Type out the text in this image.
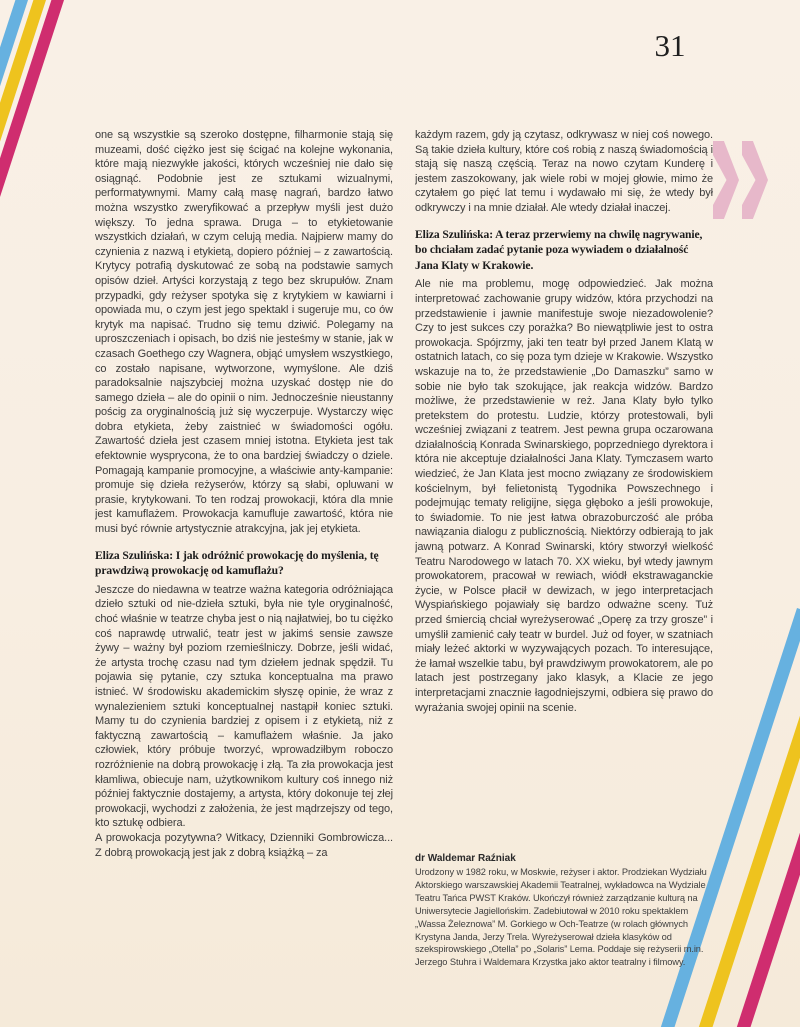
31

one są wszystkie są szeroko dostępne, filharmonie stają się muzeami, dość ciężko jest się ścigać na kolejne wykonania, które mają niezwykłe jakości, których wcześniej nie dało się osiągnąć. Podobnie jest ze sztukami wizualnymi, performatywnymi. Mamy całą masę nagrań, bardzo łatwo można wszystko zweryfikować a przepływ myśli jest dużo większy. To jedna sprawa. Druga – to etykietowanie wszystkich działań, w czym celują media. Najpierw mamy do czynienia z nazwą i etykietą, dopiero później – z zawartością. Krytycy potrafią dyskutować ze sobą na podstawie samych opisów dzieł. Artyści korzystają z tego bez skrupułów. Znam przypadki, gdy reżyser spotyka się z krytykiem w kawiarni i opowiada mu, o czym jest jego spektakl i sugeruje mu, co ów krytyk ma napisać. Trudno się temu dziwić. Polegamy na uproszczeniach i opisach, bo dziś nie jesteśmy w stanie, jak w czasach Goethego czy Wagnera, objąć umysłem wszystkiego, co zostało napisane, wytworzone, wymyślone. Ale dziś paradoksalnie najszybciej można uzyskać dostęp nie do samego dzieła – ale do opinii o nim. Jednocześnie nieustanny pościg za oryginalnością już się wyczerpuje. Wystarczy więc dobra etykieta, żeby zaistnieć w świadomości ogółu. Zawartość dzieła jest czasem mniej istotna. Etykieta jest tak efektownie wysprycona, że to ona bardziej świadczy o dziele. Pomagają kampanie promocyjne, a właściwie anty-kampanie: promuje się dzieła reżyserów, którzy są słabi, opluwani w prasie, krytykowani. To ten rodzaj prowokacji, która dla mnie jest kamuflażem. Prowokacja kamufluje zawartość, która nie musi być równie artystycznie atrakcyjna, jak jej etykieta.

Eliza Szulińska: I jak odróżnić prowokację do myślenia, tę prawdziwą prowokację od kamuflażu?

Jeszcze do niedawna w teatrze ważna kategoria odróżniająca dzieło sztuki od nie-dzieła sztuki, była nie tyle oryginalność, choć właśnie w teatrze chyba jest o nią najłatwiej, bo tu ciężko coś naprawdę utrwalić, teatr jest w jakimś sensie zawsze żywy – ważny był poziom rzemieślniczy. Dobrze, jeśli widać, że artysta trochę czasu nad tym dziełem jednak spędził. Tu pojawia się pytanie, czy sztuka konceptualna ma prawo istnieć. W środowisku akademickim słyszę opinie, że wraz z wynalezieniem sztuki konceptualnej nastąpił koniec sztuki. Mamy tu do czynienia bardziej z opisem i z etykietą, niż z faktyczną zawartością – kamuflażem właśnie. Ja jako człowiek, który próbuje tworzyć, wprowadziłbym roboczo rozróżnienie na dobrą prowokację i złą. Ta zła prowokacja jest kłamliwa, obiecuje nam, użytkownikom kultury coś innego niż później faktycznie dostajemy, a artysta, który dokonuje tej złej prowokacji, wychodzi z założenia, że jest mądrzejszy od tego, kto sztukę odbiera.

A prowokacja pozytywna? Witkacy, Dzienniki Gombrowicza... Z dobrą prowokacją jest jak z dobrą książką – za

każdym razem, gdy ją czytasz, odkrywasz w niej coś nowego. Są takie dzieła kultury, które coś robią z naszą świadomością i stają się naszą częścią. Teraz na nowo czytam Kunderę i jestem zaszokowany, jak wiele robi w mojej głowie, mimo że czytałem go pięć lat temu i wydawało mi się, że wtedy był odkrywczy i na mnie działał. Ale wtedy działał inaczej.

Eliza Szulińska: A teraz przerwiemy na chwilę nagrywanie, bo chciałam zadać pytanie poza wywiadem o działalność Jana Klaty w Krakowie.

Ale nie ma problemu, mogę odpowiedzieć. Jak można interpretować zachowanie grupy widzów, która przychodzi na przedstawienie i jawnie manifestuje swoje niezadowolenie? Czy to jest sukces czy porażka? Bo niewątpliwie jest to ostra prowokacja. Spójrzmy, jaki ten teatr był przed Janem Klatą w ostatnich latach, co się poza tym dzieje w Krakowie. Wszystko wskazuje na to, że przedstawienie „Do Damaszku” samo w sobie nie było tak szokujące, jak reakcja widzów. Bardzo możliwe, że przedstawienie w reż. Jana Klaty było tylko pretekstem do protestu. Ludzie, którzy protestowali, byli wcześniej związani z teatrem. Jest pewna grupa oczarowana działalnością Konrada Swinarskiego, poprzedniego dyrektora i która nie akceptuje działalności Jana Klaty. Tymczasem warto wiedzieć, że Jan Klata jest mocno związany ze środowiskiem kościelnym, był felietonistą Tygodnika Powszechnego i podejmując tematy religijne, sięga głęboko a jeśli prowokuje, to świadomie. To nie jest łatwa obrazoburczość ale próba nawiązania dialogu z publicznością. Niektórzy odbierają to jak jawną potwarz. A Konrad Swinarski, który stworzył wielkość Teatru Narodowego w latach 70. XX wieku, był wtedy jawnym prowokatorem, pracował w rewiach, wiódł ekstrawaganckie życie, w Polsce płacił w dewizach, w jego interpretacjach Wyspiańskiego pojawiały się bardzo odważne sceny. Tuż przed śmiercią chciał wyreżyserować „Operę za trzy grosze” i umyślił zamienić cały teatr w burdel. Już od foyer, w szatniach miały leżeć aktorki w wyzywających pozach. To interesujące, że łamał wszelkie tabu, był prawdziwym prowokatorem, ale po latach jest postrzegany jako klasyk, a Klacie ze jego interpretacjami znacznie łagodniejszymi, odbiera się prawo do wyrażania swojej opinii na scenie.

dr Waldemar Raźniak
Urodzony w 1982 roku, w Moskwie, reżyser i aktor. Prodziekan Wydziału Aktorskiego warszawskiej Akademii Teatralnej, wykładowca na Wydziale Teatru Tańca PWST Kraków. Ukończył również zarządzanie kulturą na Uniwersytecie Jagiellońskim. Zadebiutował w 2010 roku spektaklem „Wassa Żeleznowa” M. Gorkiego w Och-Teatrze (w rolach głównych Krystyna Janda, Jerzy Trela. Wyreżyserował dzieła klasyków od szekspirowskiego „Otella” po „Solaris” Lema. Poddaje się reżyserii m.in. Jerzego Stuhra i Waldemara Krzystka jako aktor teatralny i filmowy.
